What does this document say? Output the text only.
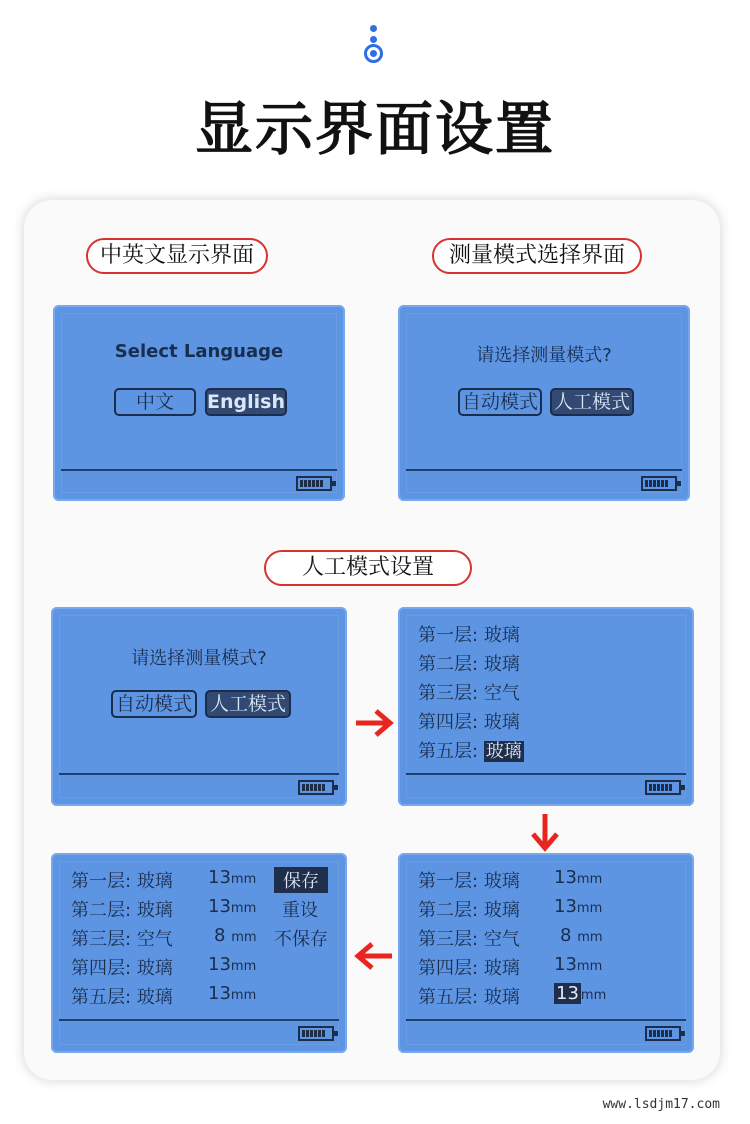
显示界面设置
中英文显示界面	测量模式选择界面
人工模式设置
Select Language
中文	English
请选择测量模式?
自动模式 人工模式
请选择测量模式?
自动模式 人工模式
第一层: 玻璃
第二层: 玻璃
第三层: 空气
第四层: 玻璃
第五层: 玻璃
第一层: 玻璃 13mm
第二层: 玻璃 13mm
第三层: 空气 8 mm
第四层: 玻璃 13mm
第五层: 玻璃 13mm
保存
重设
不保存
第一层: 玻璃 13mm
第二层: 玻璃 13mm
第三层: 空气 8 mm
第四层: 玻璃 13mm
第五层: 玻璃 13 mm
www.lsdjm17.com
